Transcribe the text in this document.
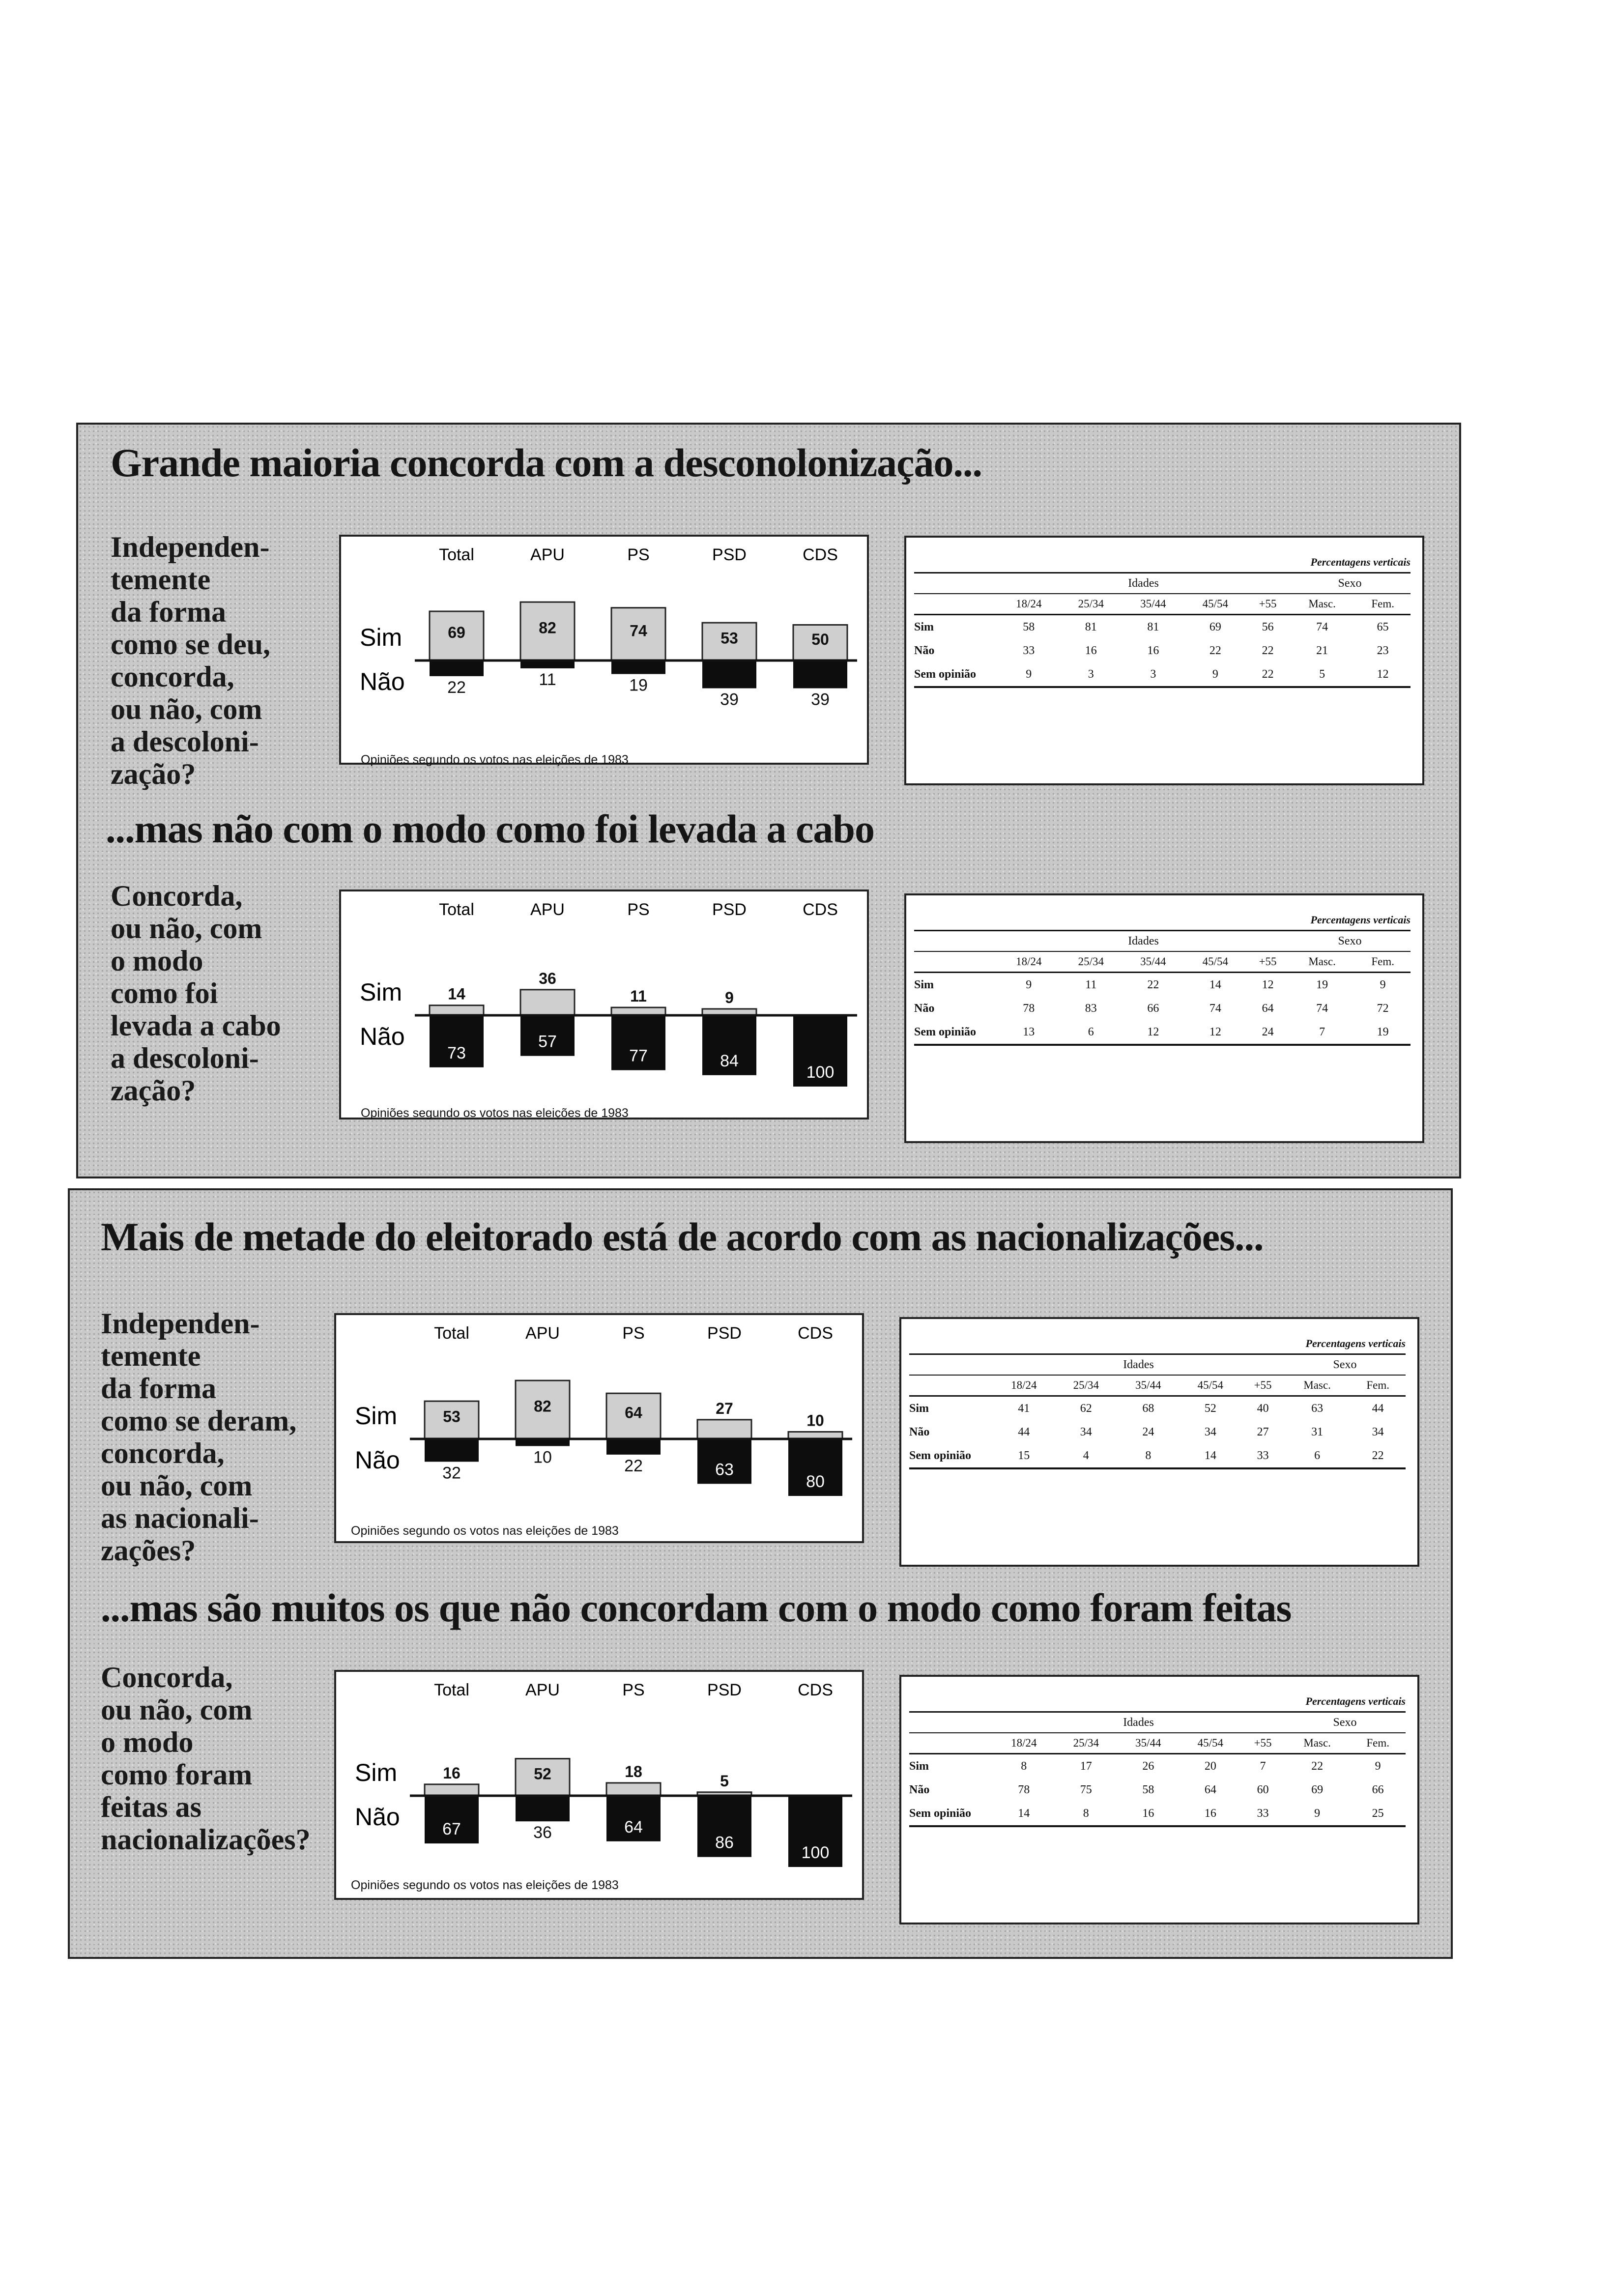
Grande maioria concorda com a desconolonização...
Independen-
temente
da forma
como se deu,
concorda,
ou não, com
a descoloni-
zação?
Sim
Não
Total
69
22
APU
82
11
PS
74
19
PSD
53
39
CDS
50
39
Opiniões segundo os votos nas eleições de 1983
Percentagens verticais							
	Idades					Sexo	
	18/24	25/34	35/44	45/54	+55	Masc.	Fem.
Sim	58	81	81	69	56	74	65
Não	33	16	16	22	22	21	23
Sem opinião	9	3	3	9	22	5	12
...mas não com o modo como foi levada a cabo
Concorda,
ou não, com
o modo
como foi
levada a cabo
a descoloni-
zação?
Sim
Não
Total
14
73
APU
36
57
PS
11
77
PSD
9
84
CDS
100
Opiniões segundo os votos nas eleições de 1983
Percentagens verticais							
	Idades					Sexo	
	18/24	25/34	35/44	45/54	+55	Masc.	Fem.
Sim	9	11	22	14	12	19	9
Não	78	83	66	74	64	74	72
Sem opinião	13	6	12	12	24	7	19
Mais de metade do eleitorado está de acordo com as nacionalizações...
Independen-
temente
da forma
como se deram,
concorda,
ou não, com
as nacionali-
zações?
Sim
Não
Total
53
32
APU
82
10
PS
64
22
PSD
27
63
CDS
10
80
Opiniões segundo os votos nas eleições de 1983
Percentagens verticais							
	Idades					Sexo	
	18/24	25/34	35/44	45/54	+55	Masc.	Fem.
Sim	41	62	68	52	40	63	44
Não	44	34	24	34	27	31	34
Sem opinião	15	4	8	14	33	6	22
...mas são muitos os que não concordam com o modo como foram feitas
Concorda,
ou não, com
o modo
como foram
feitas as
nacionalizações?
Sim
Não
Total
16
67
APU
52
36
PS
18
64
PSD
5
86
CDS
100
Opiniões segundo os votos nas eleições de 1983
Percentagens verticais							
	Idades					Sexo	
	18/24	25/34	35/44	45/54	+55	Masc.	Fem.
Sim	8	17	26	20	7	22	9
Não	78	75	58	64	60	69	66
Sem opinião	14	8	16	16	33	9	25
